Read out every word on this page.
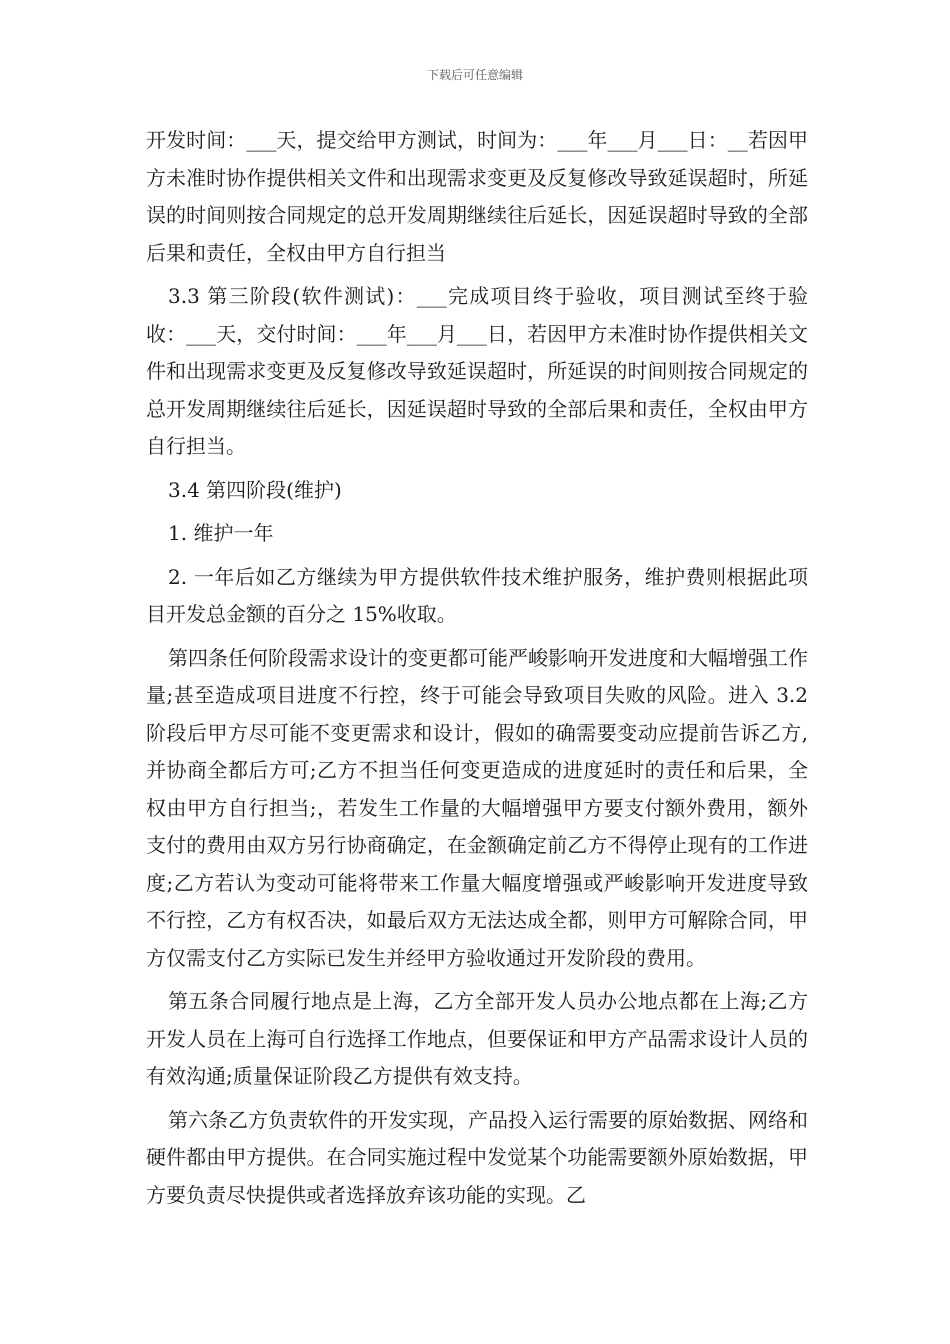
下载后可任意编辑

开发时间：___天，提交给甲方测试，时间为：___年___月___日：__若因甲方未准时协作提供相关文件和出现需求变更及反复修改导致延误超时，所延误的时间则按合同规定的总开发周期继续往后延长，因延误超时导致的全部后果和责任，全权由甲方自行担当

3.3 第三阶段(软件测试)：___完成项目终于验收，项目测试至终于验收：___天，交付时间：___年___月___日，若因甲方未准时协作提供相关文件和出现需求变更及反复修改导致延误超时，所延误的时间则按合同规定的总开发周期继续往后延长，因延误超时导致的全部后果和责任，全权由甲方自行担当。

3.4 第四阶段(维护)

1. 维护一年

2. 一年后如乙方继续为甲方提供软件技术维护服务，维护费则根据此项目开发总金额的百分之 15%收取。

第四条任何阶段需求设计的变更都可能严峻影响开发进度和大幅增强工作量;甚至造成项目进度不行控，终于可能会导致项目失败的风险。进入 3.2 阶段后甲方尽可能不变更需求和设计，假如的确需要变动应提前告诉乙方,并协商全都后方可;乙方不担当任何变更造成的进度延时的责任和后果，全权由甲方自行担当;，若发生工作量的大幅增强甲方要支付额外费用，额外支付的费用由双方另行协商确定，在金额确定前乙方不得停止现有的工作进度;乙方若认为变动可能将带来工作量大幅度增强或严峻影响开发进度导致不行控，乙方有权否决，如最后双方无法达成全都，则甲方可解除合同，甲方仅需支付乙方实际已发生并经甲方验收通过开发阶段的费用。

第五条合同履行地点是上海，乙方全部开发人员办公地点都在上海;乙方开发人员在上海可自行选择工作地点，但要保证和甲方产品需求设计人员的有效沟通;质量保证阶段乙方提供有效支持。

第六条乙方负责软件的开发实现，产品投入运行需要的原始数据、网络和硬件都由甲方提供。在合同实施过程中发觉某个功能需要额外原始数据，甲方要负责尽快提供或者选择放弃该功能的实现。乙
